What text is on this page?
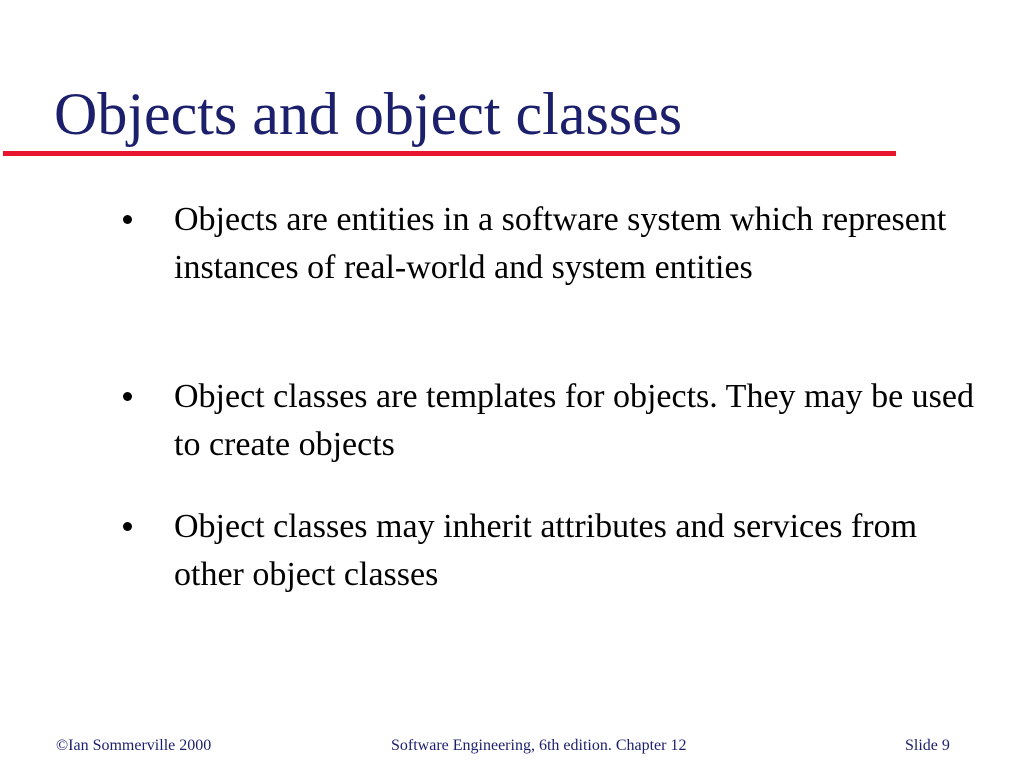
Objects and object classes
Objects are entities in a software system which represent instances of real-world and system entities
Object classes are templates for objects. They may be used to create objects
Object classes may inherit attributes and services from other object classes
©Ian Sommerville 2000	Software Engineering, 6th edition. Chapter 12	Slide 9
